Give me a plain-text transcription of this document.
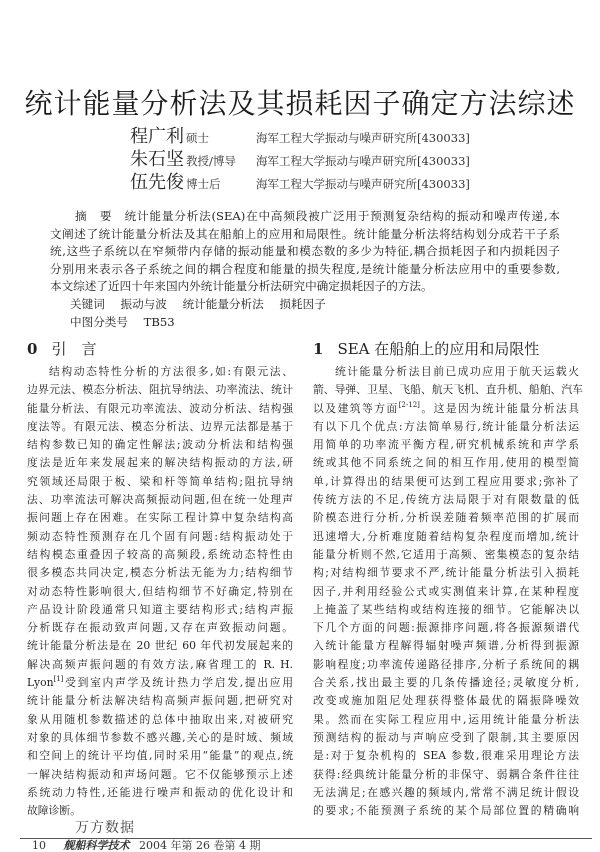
统计能量分析法及其损耗因子确定方法综述
程广利 硕士	海军工程大学振动与噪声研究所[430033]
朱石坚 教授/博导	海军工程大学振动与噪声研究所[430033]
伍先俊 博士后	海军工程大学振动与噪声研究所[430033]
摘　要　统计能量分析法(SEA)在中高频段被广泛用于预测复杂结构的振动和噪声传递,本
文阐述了统计能量分析法及其在船舶上的应用和局限性。统计能量分析法将结构划分成若干子系
统,这些子系统以在窄频带内存储的振动能量和模态数的多少为特征,耦合损耗因子和内损耗因子
分别用来表示各子系统之间的耦合程度和能量的损失程度,是统计能量分析法应用中的重要参数,
本文综述了近四十年来国内外统计能量分析法研究中确定损耗因子的方法。
关键词 振动与波 统计能量分析法 损耗因子
中图分类号 TB53
0 引　言	1 SEA 在船舶上的应用和局限性
结构动态特性分析的方法很多,如:有限元法、
边界元法、模态分析法、阻抗导纳法、功率流法、统计
能量分析法、有限元功率流法、波动分析法、结构强
度法等。有限元法、模态分析法、边界元法都是基于
结构参数已知的确定性解法;波动分析法和结构强
度法是近年来发展起来的解决结构振动的方法,研
究领域还局限于板、梁和杆等简单结构;阻抗导纳
法、功率流法可解决高频振动问题,但在统一处理声
振问题上存在困难。在实际工程计算中复杂结构高
频动态特性预测存在几个固有问题:结构振动处于
结构模态重叠因子较高的高频段,系统动态特性由
很多模态共同决定,模态分析法无能为力;结构细节
对动态特性影响很大,但结构细节不好确定,特别在
产品设计阶段通常只知道主要结构形式;结构声振
分析既存在振动致声问题,又存在声致振动问题。
统计能量分析法是在 20 世纪 60 年代初发展起来的
解决高频声振问题的有效方法,麻省理工的 R. H.
Lyon[1]受到室内声学及统计热力学启发,提出应用
统计能量分析法解决结构高频声振问题,把研究对
象从用随机参数描述的总体中抽取出来,对被研究
对象的具体细节参数不感兴趣,关心的是时域、频域
和空间上的统计平均值,同时采用“能量”的观点,统
一解决结构振动和声场问题。它不仅能够预示上述
系统动力特性,还能进行噪声和振动的优化设计和
故障诊断。
统计能量分析法目前已成功应用于航天运载火
箭、导弹、卫星、飞船、航天飞机、直升机、船舶、汽车
以及建筑等方面[2-12]。这是因为统计能量分析法具
有以下几个优点:方法简单易行,统计能量分析法运
用简单的功率流平衡方程,研究机械系统和声学系
统或其他不同系统之间的相互作用,使用的模型简
单,计算得出的结果便可达到工程应用要求;弥补了
传统方法的不足,传统方法局限于对有限数量的低
阶模态进行分析,分析误差随着频率范围的扩展而
迅速增大,分析难度随着结构复杂程度而增加,统计
能量分析则不然,它适用于高频、密集模态的复杂结
构;对结构细节要求不严,统计能量分析法引入损耗
因子,并利用经验公式或实测值来计算,在某种程度
上掩盖了某些结构或结构连接的细节。它能解决以
下几个方面的问题:振源排序问题,将各振源频谱代
入统计能量方程解得辐射噪声频谱,分析得到振源
影响程度;功率流传递路径排序,分析子系统间的耦
合关系,找出最主要的几条传播途径;灵敏度分析,
改变或施加阻尼处理获得整体最优的隔振降噪效
果。然而在实际工程应用中,运用统计能量分析法
预测结构的振动与声响应受到了限制,其主要原因
是:对于复杂机构的 SEA 参数,很难采用理论方法
获得:经典统计能量分析的非保守、弱耦合条件往往
无法满足;在感兴趣的频域内,常常不满足统计假设
的要求;不能预测子系统的某个局部位置的精确响
万方数据
10 舰船科学技术 2004 年第 26 卷第 4 期
